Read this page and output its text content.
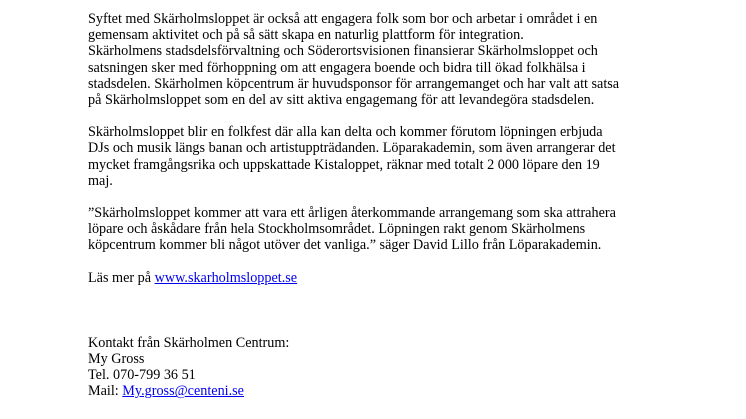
Syftet med Skärholmsloppet är också att engagera folk som bor och arbetar i området i en
gemensam aktivitet och på så sätt skapa en naturlig plattform för integration.
Skärholmens stadsdelsförvaltning och Söderortsvisionen finansierar Skärholmsloppet och
satsningen sker med förhoppning om att engagera boende och bidra till ökad folkhälsa i
stadsdelen. Skärholmen köpcentrum är huvudsponsor för arrangemanget och har valt att satsa
på Skärholmsloppet som en del av sitt aktiva engagemang för att levandegöra stadsdelen.

Skärholmsloppet blir en folkfest där alla kan delta och kommer förutom löpningen erbjuda
DJs och musik längs banan och artistuppträdanden. Löparakademin, som även arrangerar det
mycket framgångsrika och uppskattade Kistaloppet, räknar med totalt 2 000 löpare den 19
maj.

”Skärholmsloppet kommer att vara ett årligen återkommande arrangemang som ska attrahera
löpare och åskådare från hela Stockholmsområdet. Löpningen rakt genom Skärholmens
köpcentrum kommer bli något utöver det vanliga.” säger David Lillo från Löparakademin.

Läs mer på www.skarholmsloppet.se

Kontakt från Skärholmen Centrum:
My Gross
Tel. 070-799 36 51
Mail: My.gross@centeni.se
